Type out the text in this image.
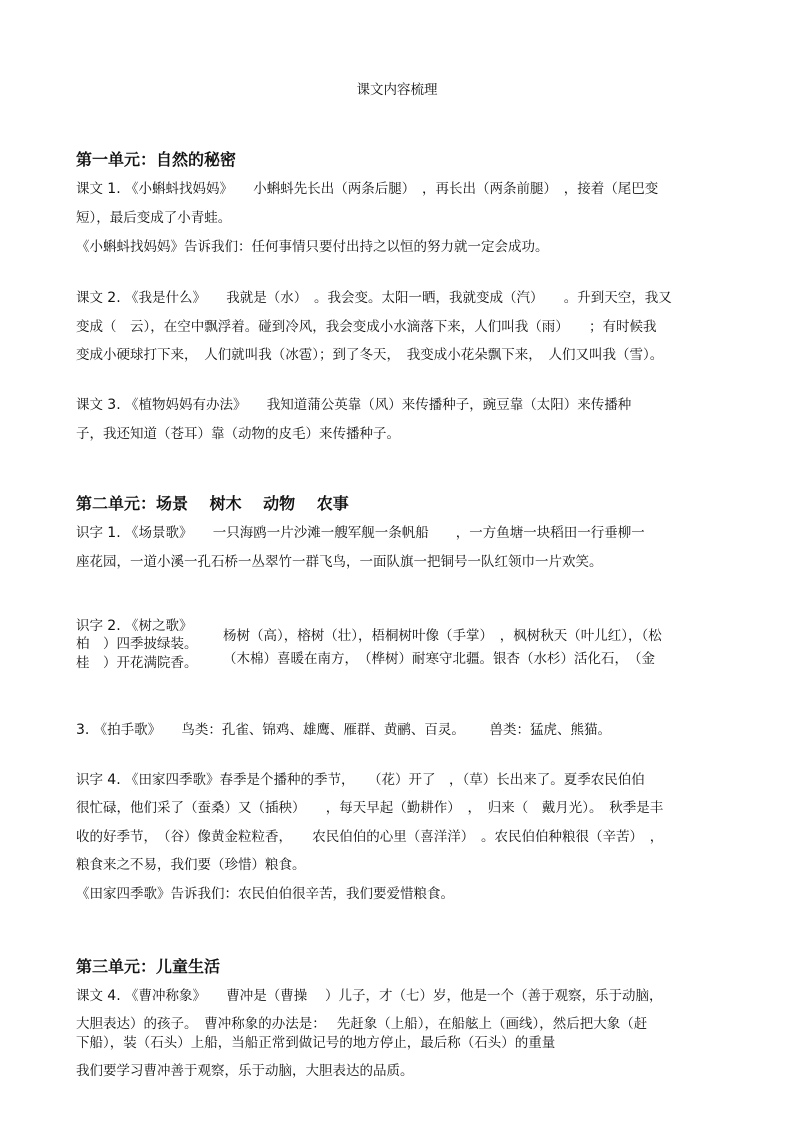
课文内容梳理
第一单元：自然的秘密
课文 1. 《小蝌蚪找妈妈》　　小蝌蚪先长出（两条后腿）　，再长出（两条前腿）　，接着（尾巴变
短），最后变成了小青蛙。
《小蝌蚪找妈妈》告诉我们：任何事情只要付出持之以恒的努力就一定会成功。
课文 2. 《我是什么》　　我就是（水）　。我会变。太阳一晒，我就变成（汽）　　。升到天空，我又
变成（　云），在空中飘浮着。碰到冷风，我会变成小水滴落下来，人们叫我（雨）　　；有时候我
变成小硬球打下来，　人们就叫我（冰雹）；到了冬天，　我变成小花朵飘下来，　人们又叫我（雪）。
课文 3. 《植物妈妈有办法》　　我知道蒲公英靠（风）来传播种子，豌豆靠（太阳）来传播种
子，我还知道（苍耳）靠（动物的皮毛）来传播种子。
第二单元：场景　 树木　 动物　 农事
识字 1. 《场景歌》　　一只海鸥一片沙滩一艘军舰一条帆船　　，一方鱼塘一块稻田一行垂柳一
座花园，一道小溪一孔石桥一丛翠竹一群飞鸟，一面队旗一把铜号一队红领巾一片欢笑。
识字 2. 《树之歌》
杨树（高），榕树（壮），梧桐树叶像（手掌）　，枫树秋天（叶儿红），（松
柏　）四季披绿装。
桂　）开花满院香。 （木棉）喜暖在南方，　（桦树）耐寒守北疆。银杏（水杉）活化石，　（金
3. 《拍手歌》　　鸟类：孔雀、锦鸡、雄鹰、雁群、黄鹂、百灵。　　 兽类：猛虎、熊猫。
识字 4. 《田家四季歌》春季是个播种的季节，　　（花）开了　，（草）长出来了。夏季农民伯伯
很忙碌，他们采了（蚕桑）又（插秧）　　，每天早起（勤耕作）　，　归来（　戴月光）。　秋季是丰
收的好季节，　（谷）像黄金粒粒香，　　农民伯伯的心里（喜洋洋）　。农民伯伯种粮很（辛苦）　，
粮食来之不易，我们要（珍惜）粮食。
《田家四季歌》告诉我们：农民伯伯很辛苦，我们要爱惜粮食。
第三单元：儿童生活
课文 4. 《曹冲称象》　　曹冲是（曹操　 ）儿子，才（七）岁，他是一个（善于观察，乐于动脑，
大胆表达）的孩子。　曹冲称象的办法是：　 先赶象（上船），在船舷上（画线），然后把大象（赶
下船），装（石头）上船，当船正常到做记号的地方停止，最后称（石头）的重量
我们要学习曹冲善于观察，乐于动脑，大胆表达的品质。
